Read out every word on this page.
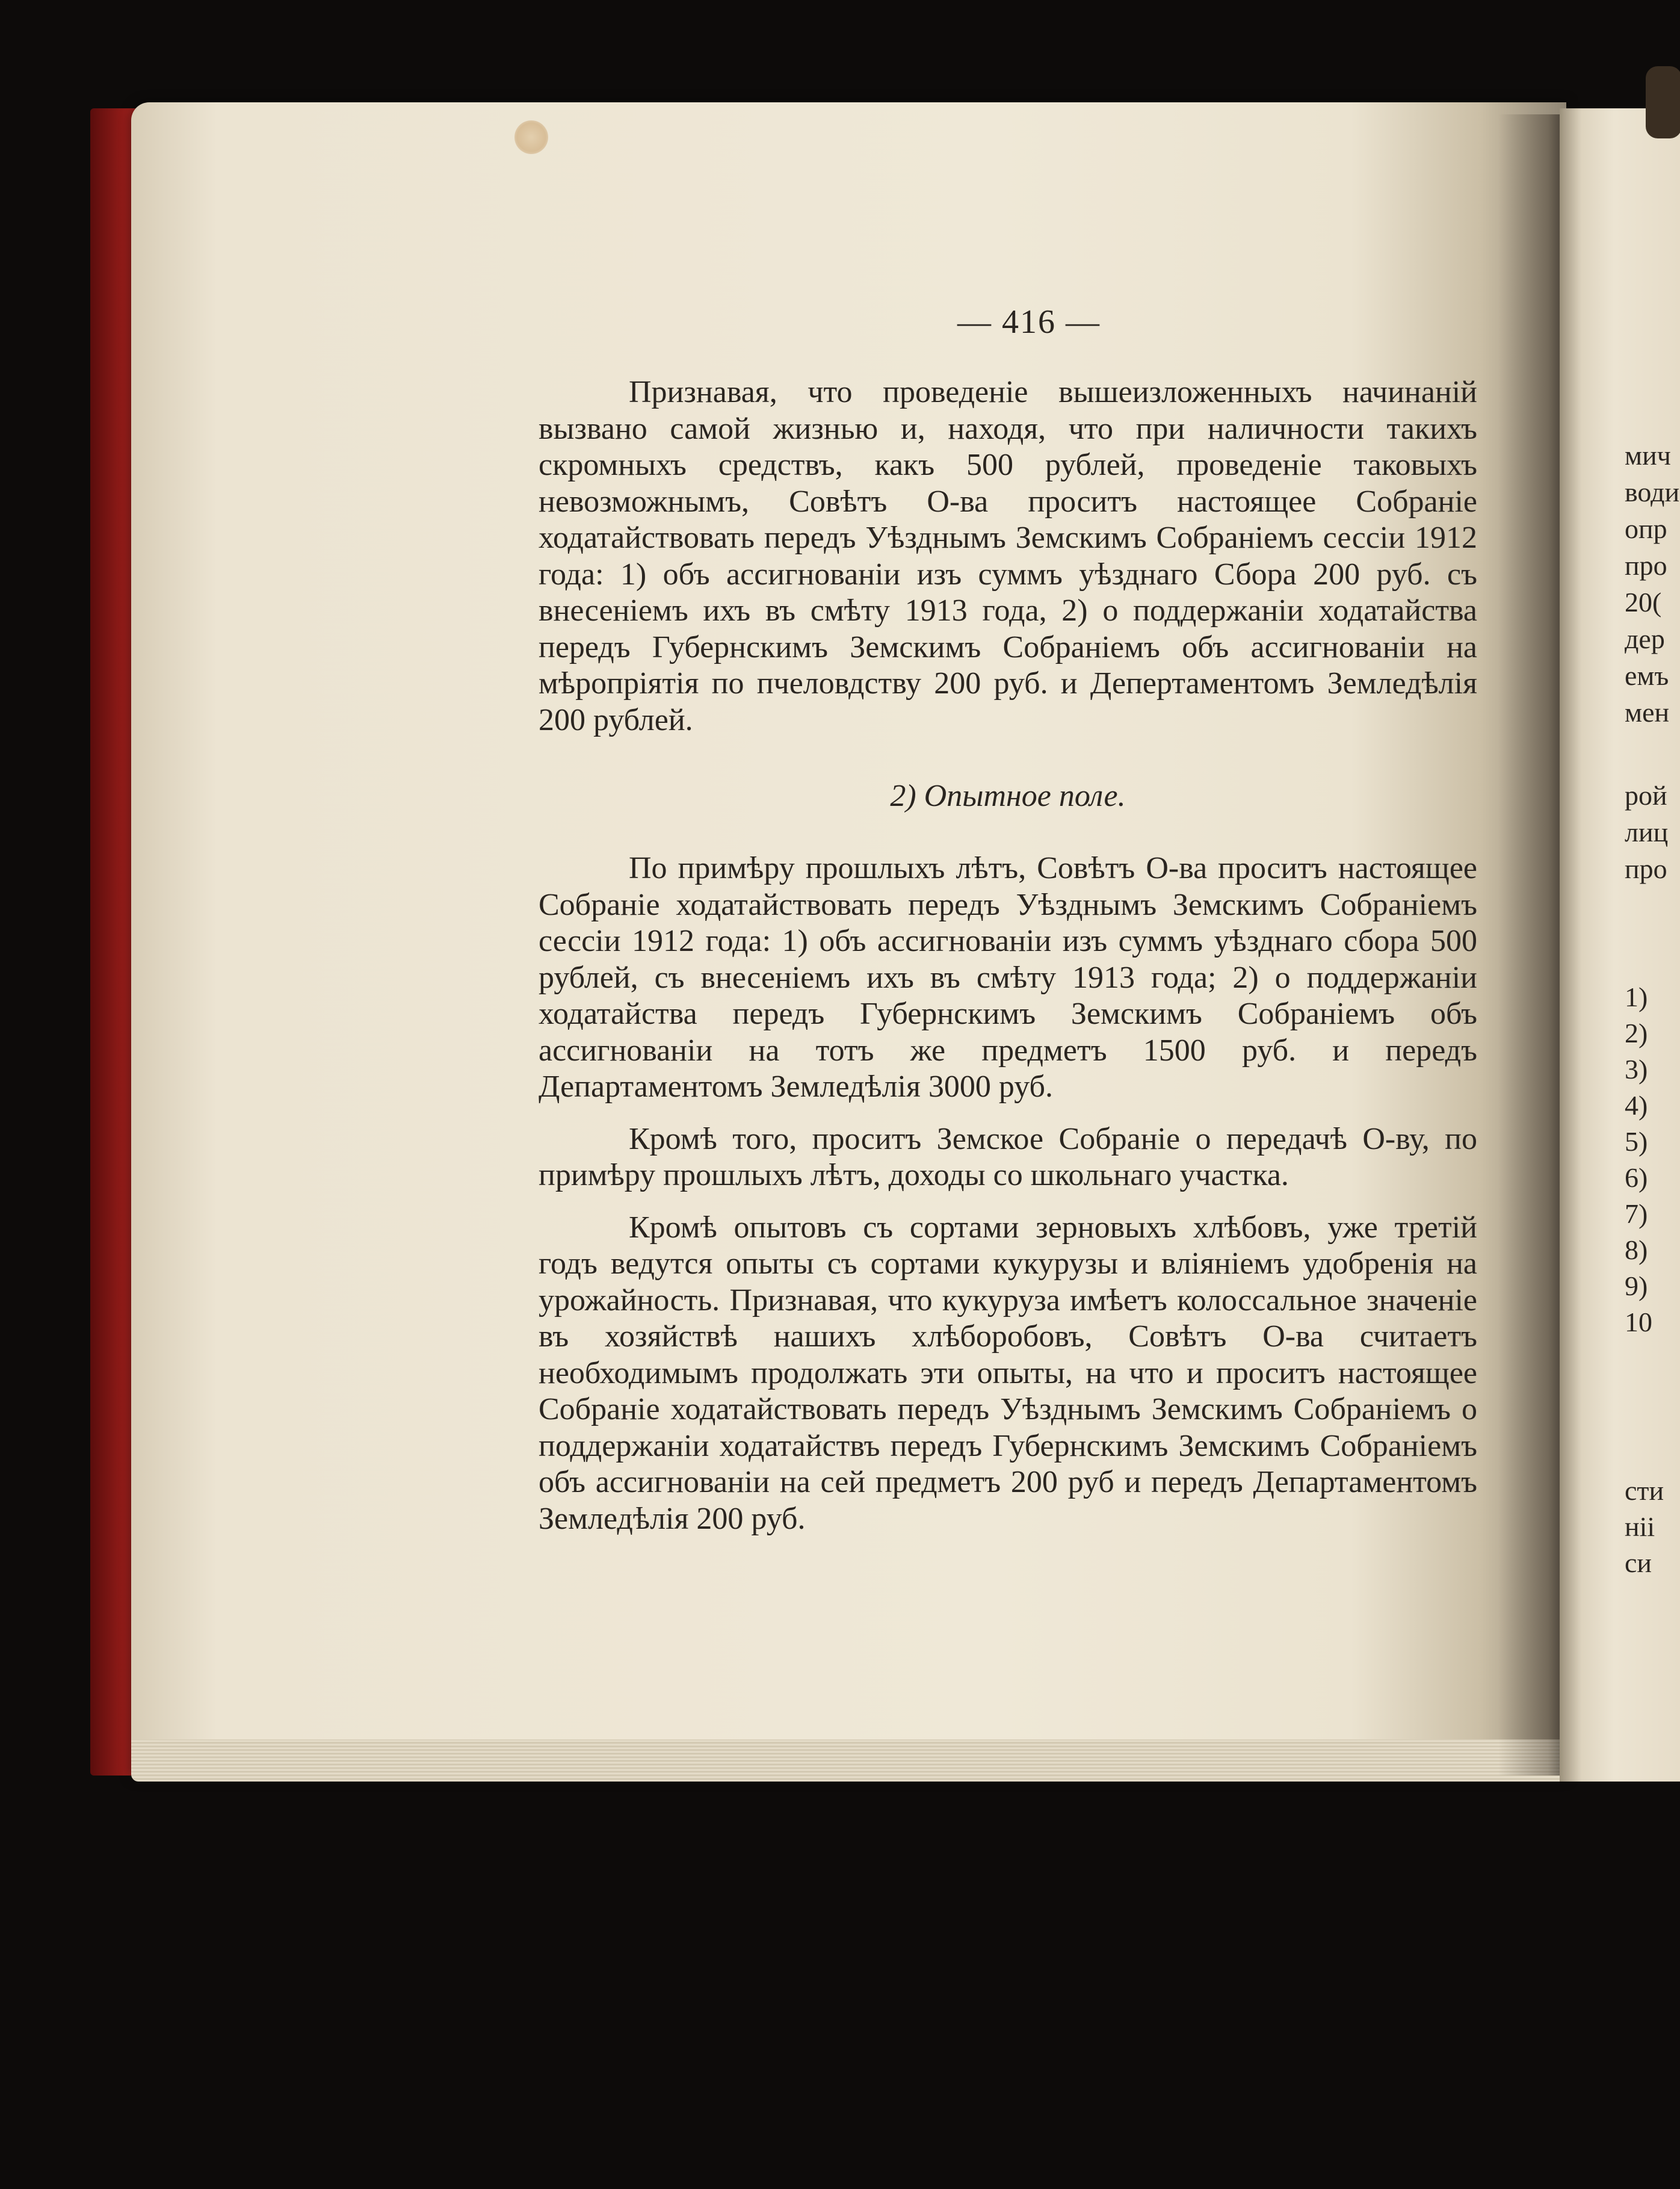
— 416 —

Признавая, что проведеніе вышеизложенныхъ начинаній вызвано самой жизнью и, находя, что при наличности такихъ скромныхъ средствъ, какъ 500 рублей, проведеніе таковыхъ невозможнымъ, Совѣтъ О-ва проситъ настоящее Собраніе ходатайствовать передъ Уѣзднымъ Земскимъ Собраніемъ сессіи 1912 года: 1) объ ассигнованіи изъ суммъ уѣзднаго Сбора 200 руб. съ внесеніемъ ихъ въ смѣту 1913 года, 2) о поддержаніи ходатайства передъ Губернскимъ Земскимъ Собраніемъ объ ассигнованіи на мѣропріятія по пчеловдству 200 руб. и Депертаментомъ Земледѣлія 200 рублей.

2) Опытное поле.

По примѣру прошлыхъ лѣтъ, Совѣтъ О-ва проситъ настоящее Собраніе ходатайствовать передъ Уѣзднымъ Земскимъ Собраніемъ сессіи 1912 года: 1) объ ассигнованіи изъ суммъ уѣзднаго сбора 500 рублей, съ внесеніемъ ихъ въ смѣту 1913 года; 2) о поддержаніи ходатайства передъ Губернскимъ Земскимъ Собраніемъ объ ассигнованіи на тотъ же предметъ 1500 руб. и передъ Департаментомъ Земледѣлія 3000 руб.

Кромѣ того, проситъ Земское Собраніе о передачѣ О-ву, по примѣру прошлыхъ лѣтъ, доходы со школьнаго участка.

Кромѣ опытовъ съ сортами зерновыхъ хлѣбовъ, уже третій годъ ведутся опыты съ сортами кукурузы и вліяніемъ удобренія на урожайность. Признавая, что кукуруза имѣетъ колоссальное значеніе въ хозяйствѣ нашихъ хлѣборобовъ, Совѣтъ О-ва считаетъ необходимымъ продолжать эти опыты, на что и проситъ настоящее Собраніе ходатайствовать передъ Уѣзднымъ Земскимъ Собраніемъ о поддержаніи ходатайствъ передъ Губернскимъ Земскимъ Собраніемъ объ ассигнованіи на сей предметъ 200 руб и передъ Департаментомъ Земледѣлія 200 руб.

мич
води
опр
про
20(
дер
емъ
мен
рой
лиц
про
1)
2)
3)
4)
5)
6)
7)
8)
9)
10
сти
ніі
си
